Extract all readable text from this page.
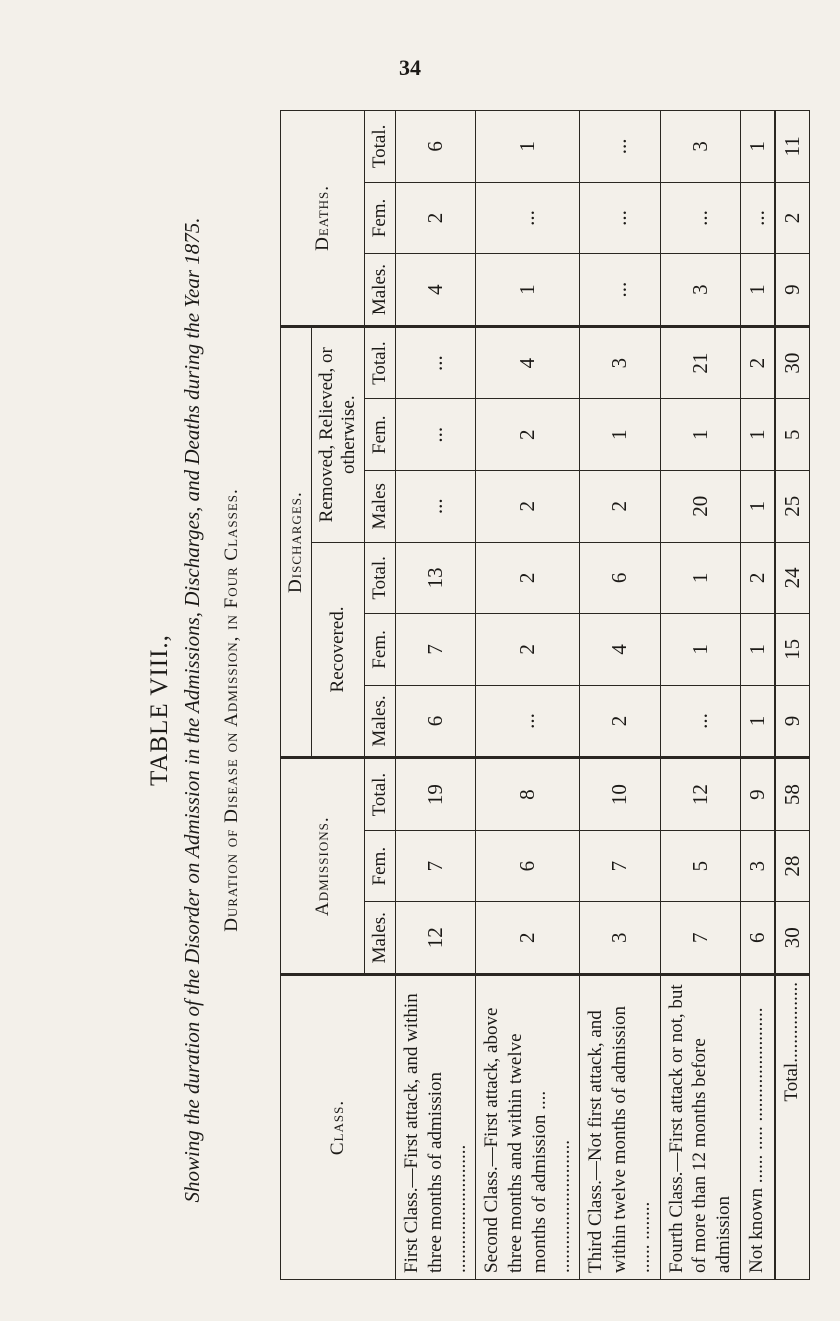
34
TABLE VIII., Showing the duration of the Disorder on Admission in the Admissions, Discharges, and Deaths during the Year 1875. Duration of Disease on Admission, in Four Classes.
Class.	Admissions.			Discharges.						Deaths.		
				Recovered.			Removed, Relieved, or otherwise.					
	Males.	Fem.	Total.	Males.	Fem.	Total.	Males	Fem.	Total.	Males.	Fem.	Total.
First Class.—First attack, and within three months of admission ...........................	12	7	19	6	7	13	...	...	...	4	2	6
Second Class.—First attack, above three months and within twelve months of admission .... ............................	2	6	8	...	2	2	2	2	4	1	...	1
Third Class.—Not first attack, and within twelve months of admission ...... ........	3	7	10	2	4	6	2	1	3	...	...	...
Fourth Class.—First attack or not, but of more than 12 months before admission	7	5	12	...	1	1	20	1	21	3	...	3
Not known ...... ..... ........................	6	3	9	1	1	2	1	1	2	1	...	1
Total.................	30	28	58	9	15	24	25	5	30	9	2	11
